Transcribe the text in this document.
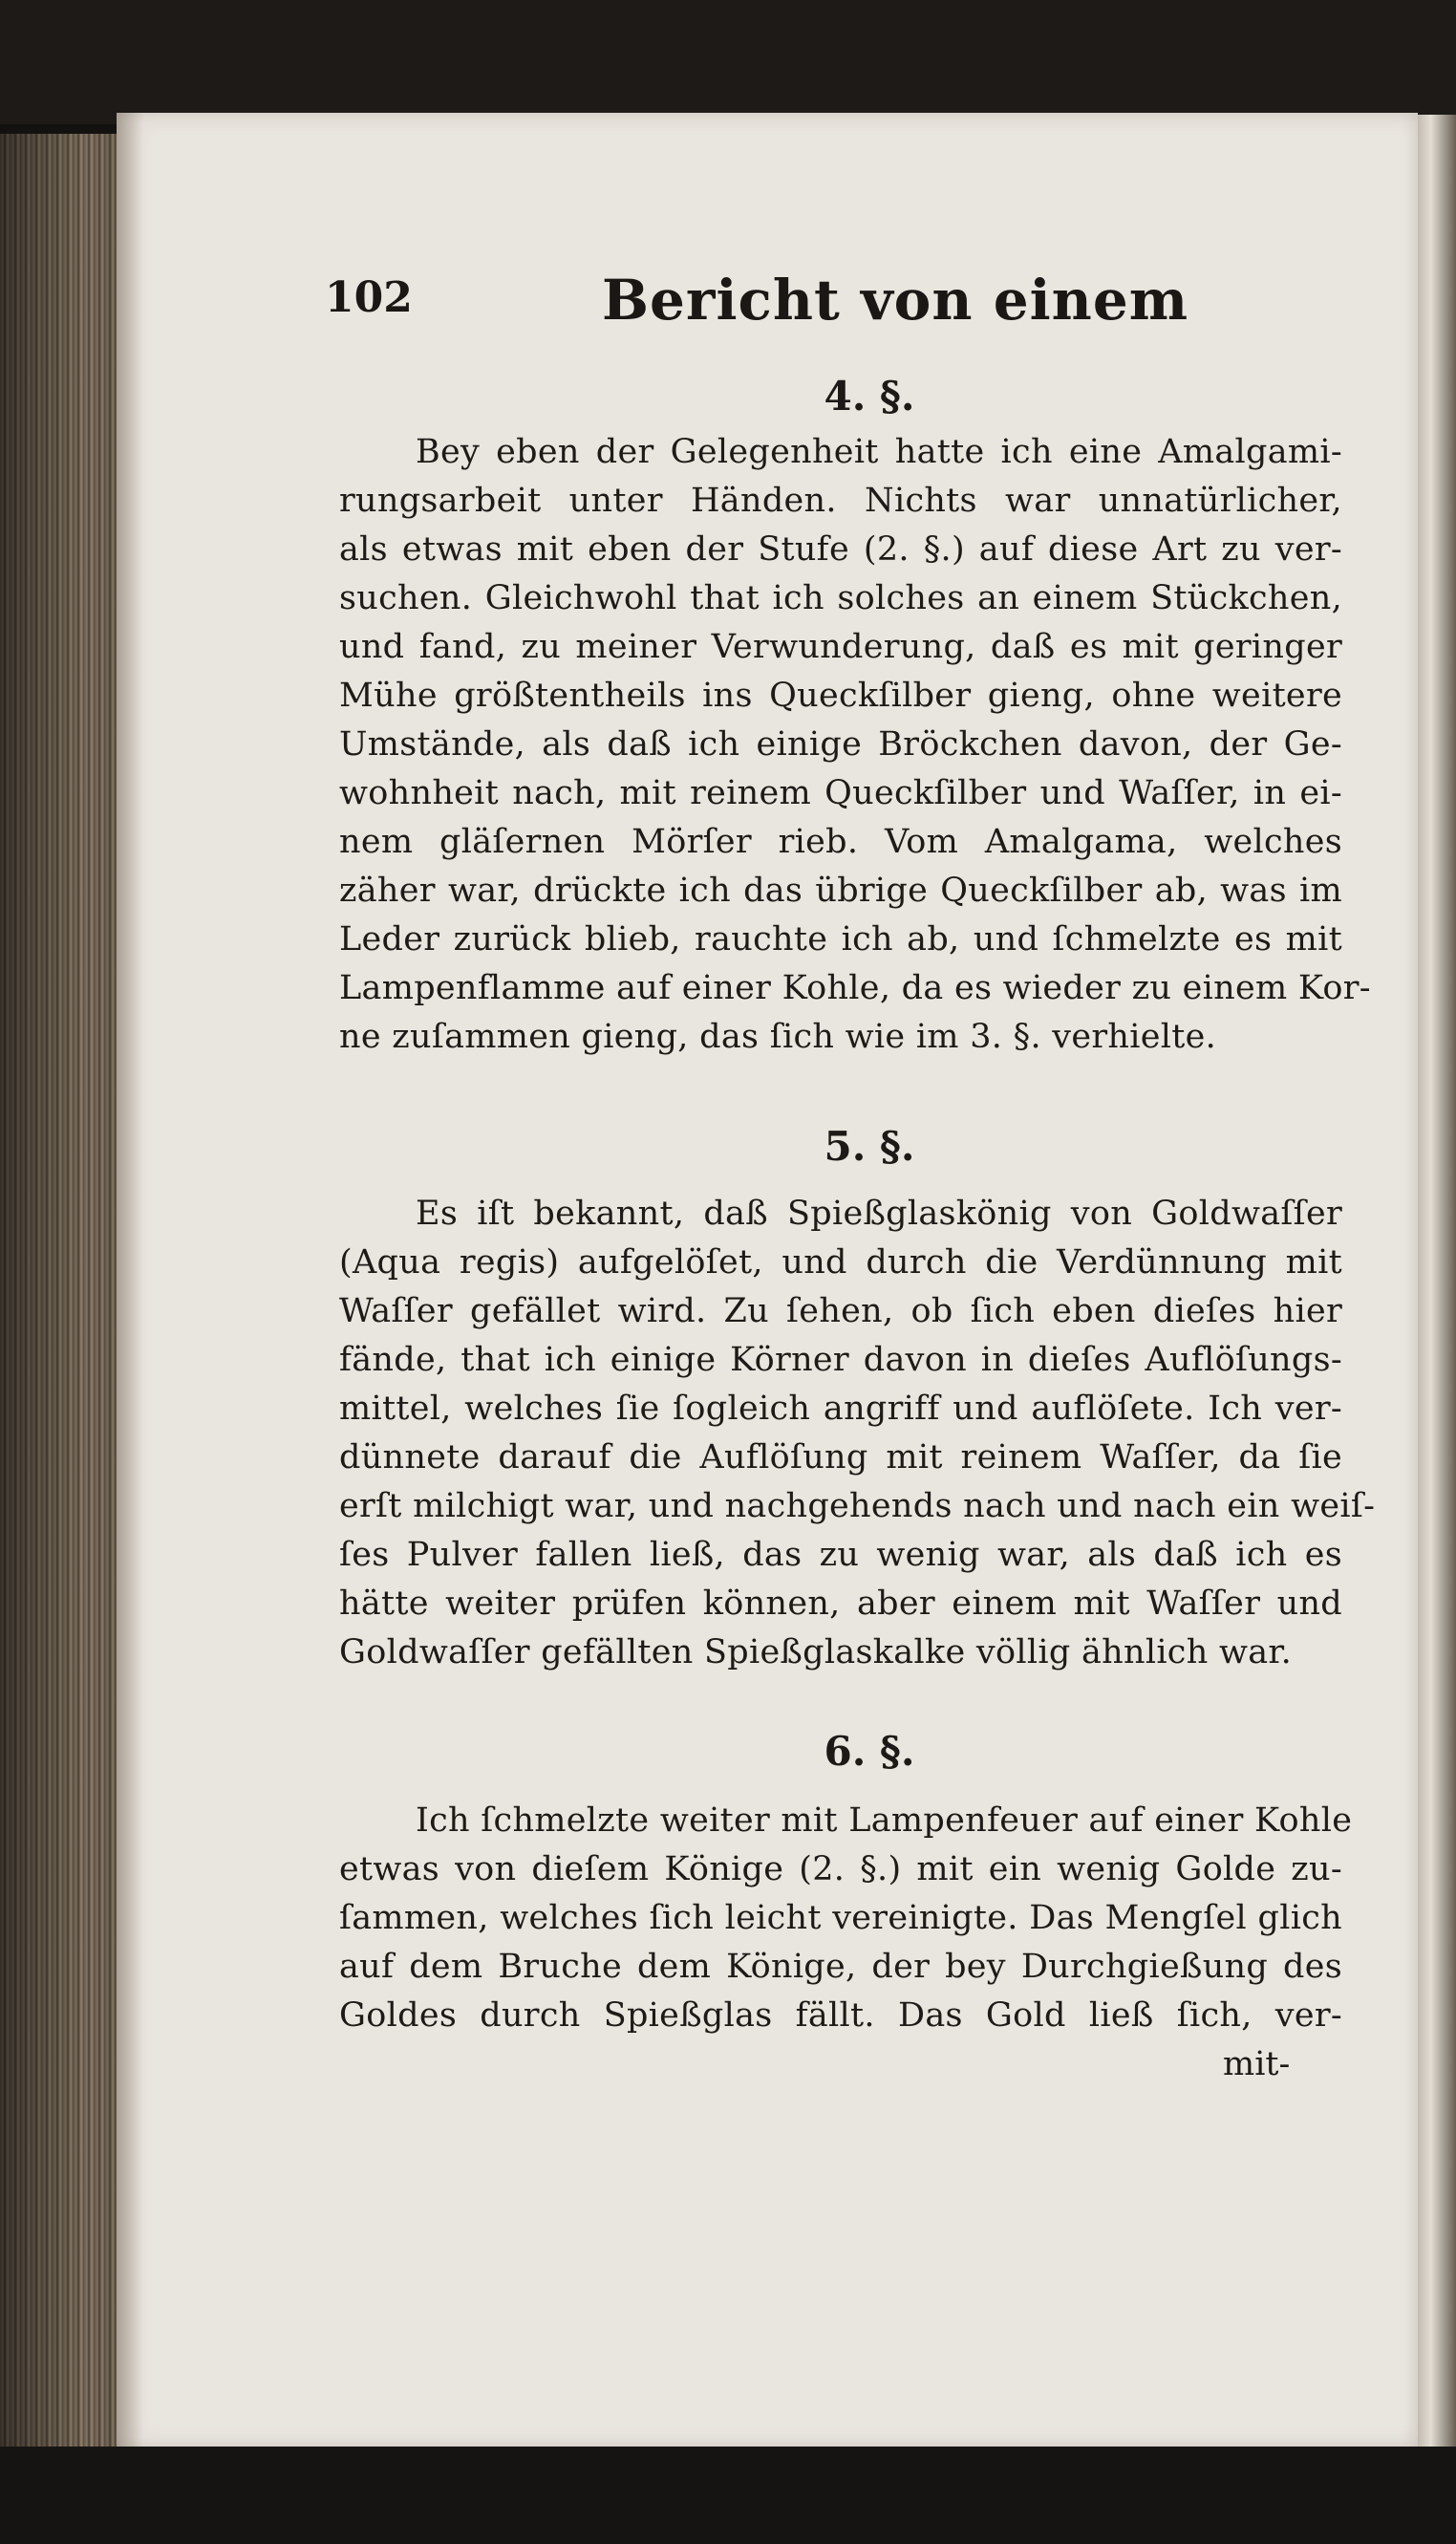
102	Bericht von einem
4. §.
Bey eben der Gelegenheit hatte ich eine Amalgami-
rungsarbeit unter Händen. Nichts war unnatürlicher,
als etwas mit eben der Stufe (2. §.) auf diese Art zu ver-
suchen. Gleichwohl that ich solches an einem Stückchen,
und fand, zu meiner Verwunderung, daß es mit geringer
Mühe größtentheils ins Queckſilber gieng, ohne weitere
Umstände, als daß ich einige Bröckchen davon, der Ge-
wohnheit nach, mit reinem Queckſilber und Waſſer, in ei-
nem gläſernen Mörſer rieb. Vom Amalgama, welches
zäher war, drückte ich das übrige Queckſilber ab, was im
Leder zurück blieb, rauchte ich ab, und ſchmelzte es mit
Lampenflamme auf einer Kohle, da es wieder zu einem Kor-
ne zuſammen gieng, das ſich wie im 3. §. verhielte.
5. §.
Es iſt bekannt, daß Spießglaskönig von Goldwaſſer
(Aqua regis) aufgelöſet, und durch die Verdünnung mit
Waſſer gefället wird. Zu ſehen, ob ſich eben dieſes hier
fände, that ich einige Körner davon in dieſes Auflöſungs-
mittel, welches ſie ſogleich angriff und auflöſete. Ich ver-
dünnete darauf die Auflöſung mit reinem Waſſer, da ſie
erſt milchigt war, und nachgehends nach und nach ein weiſ-
ſes Pulver fallen ließ, das zu wenig war, als daß ich es
hätte weiter prüfen können, aber einem mit Waſſer und
Goldwaſſer gefällten Spießglaskalke völlig ähnlich war.
6. §.
Ich ſchmelzte weiter mit Lampenfeuer auf einer Kohle
etwas von dieſem Könige (2. §.) mit ein wenig Golde zu-
ſammen, welches ſich leicht vereinigte. Das Mengſel glich
auf dem Bruche dem Könige, der bey Durchgießung des
Goldes durch Spießglas fällt. Das Gold ließ ſich, ver-
mit-
